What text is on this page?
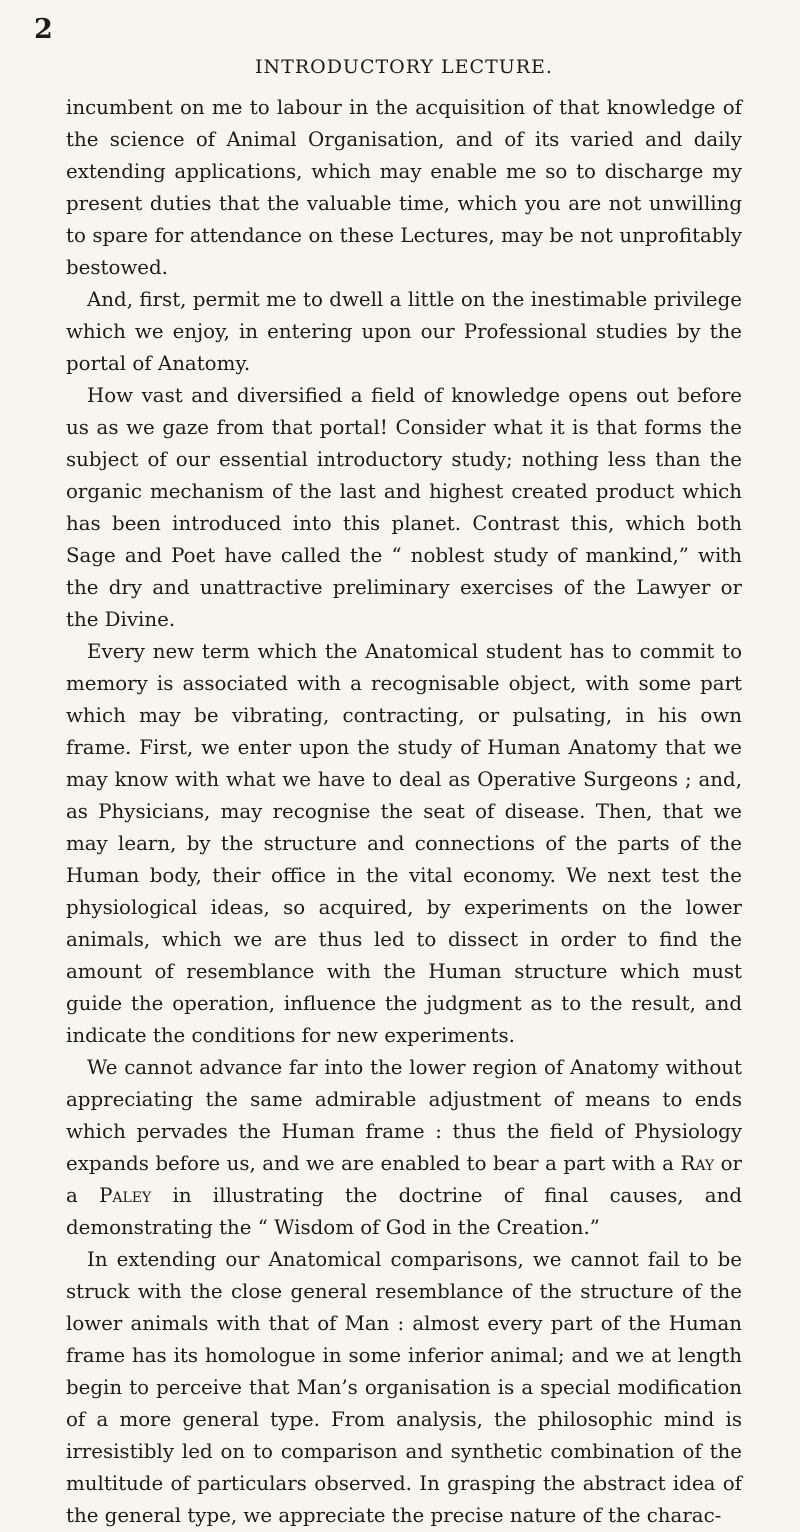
2
INTRODUCTORY LECTURE.

incumbent on me to labour in the acquisition of that knowledge of the science of Animal Organisation, and of its varied and daily extending applications, which may enable me so to discharge my present duties that the valuable time, which you are not unwilling to spare for attendance on these Lectures, may be not unprofitably bestowed.

And, first, permit me to dwell a little on the inestimable privilege which we enjoy, in entering upon our Professional studies by the portal of Anatomy.

How vast and diversified a field of knowledge opens out before us as we gaze from that portal! Consider what it is that forms the subject of our essential introductory study; nothing less than the organic mechanism of the last and highest created product which has been introduced into this planet. Contrast this, which both Sage and Poet have called the “ noblest study of mankind,” with the dry and unattractive preliminary exercises of the Lawyer or the Divine.

Every new term which the Anatomical student has to commit to memory is associated with a recognisable object, with some part which may be vibrating, contracting, or pulsating, in his own frame. First, we enter upon the study of Human Anatomy that we may know with what we have to deal as Operative Surgeons ; and, as Physicians, may recognise the seat of disease. Then, that we may learn, by the structure and connections of the parts of the Human body, their office in the vital economy. We next test the physiological ideas, so acquired, by experiments on the lower animals, which we are thus led to dissect in order to find the amount of resemblance with the Human structure which must guide the operation, influence the judgment as to the result, and indicate the conditions for new experiments.

We cannot advance far into the lower region of Anatomy without appreciating the same admirable adjustment of means to ends which pervades the Human frame : thus the field of Physiology expands before us, and we are enabled to bear a part with a Ray or a Paley in illustrating the doctrine of final causes, and demonstrating the “ Wisdom of God in the Creation.”

In extending our Anatomical comparisons, we cannot fail to be struck with the close general resemblance of the structure of the lower animals with that of Man : almost every part of the Human frame has its homologue in some inferior animal; and we at length begin to perceive that Man’s organisation is a special modification of a more general type. From analysis, the philosophic mind is irresistibly led on to comparison and synthetic combination of the multitude of particulars observed. In grasping the abstract idea of the general type, we appreciate the precise nature of the charac-
